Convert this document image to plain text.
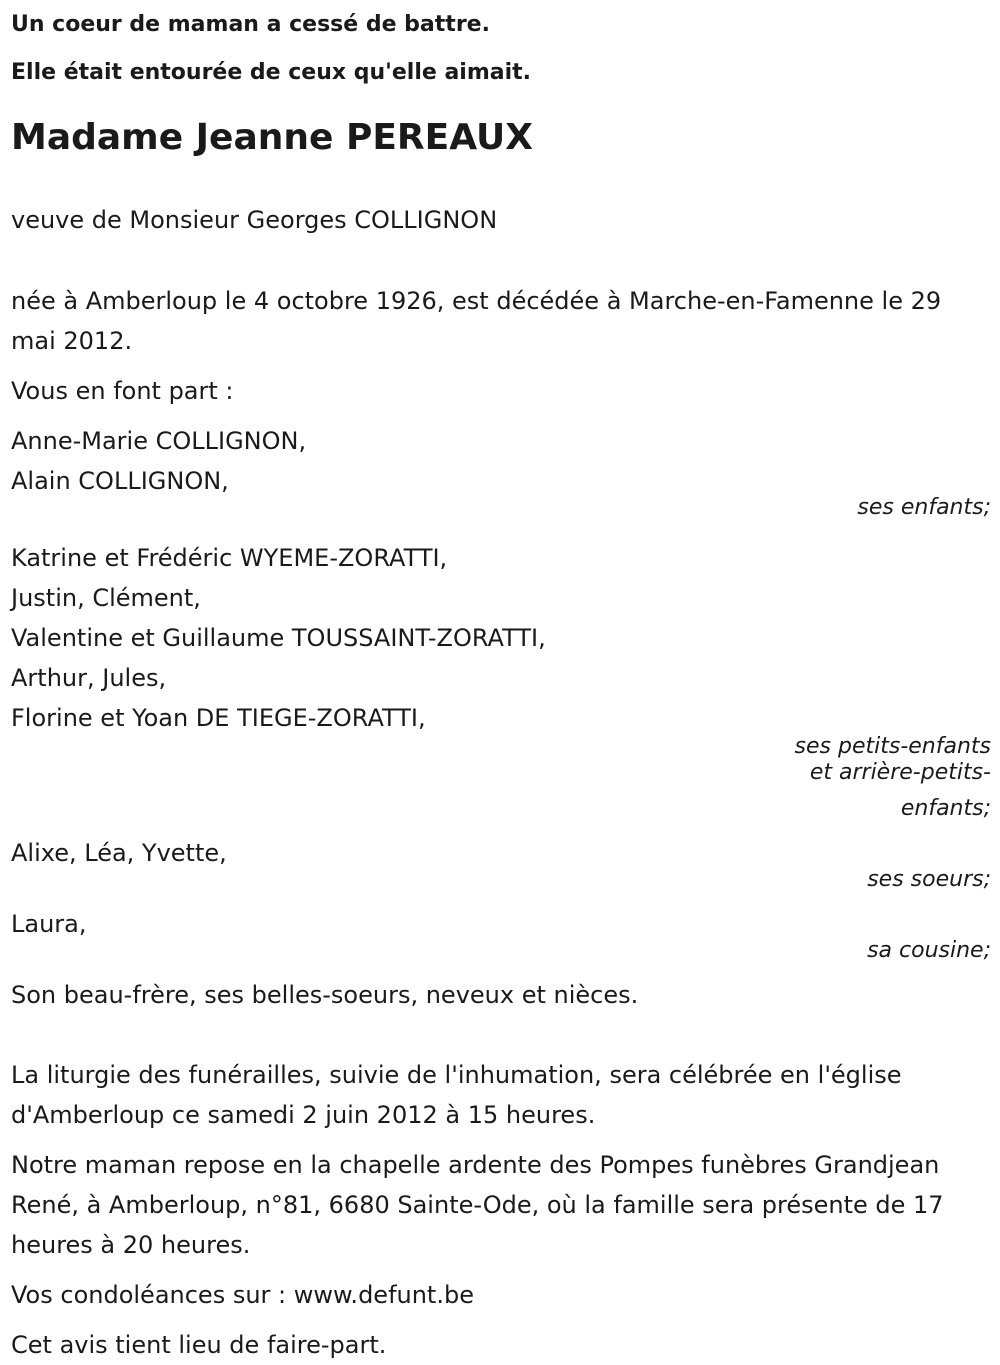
Un coeur de maman a cessé de battre.
Elle était entourée de ceux qu'elle aimait.
Madame Jeanne PEREAUX
veuve de Monsieur Georges COLLIGNON
née à Amberloup le 4 octobre 1926, est décédée à Marche-en-Famenne le 29 mai 2012.
Vous en font part :
Anne-Marie COLLIGNON,
Alain COLLIGNON,
ses enfants;
Katrine et Frédéric WYEME-ZORATTI,
Justin, Clément,
Valentine et Guillaume TOUSSAINT-ZORATTI,
Arthur, Jules,
Florine et Yoan DE TIEGE-ZORATTI,
ses petits-enfants
et arrière-petits-
enfants;
Alixe, Léa, Yvette,
ses soeurs;
Laura,
sa cousine;
Son beau-frère, ses belles-soeurs, neveux et nièces.
La liturgie des funérailles, suivie de l'inhumation, sera célébrée en l'église d'Amberloup ce samedi 2 juin 2012 à 15 heures.
Notre maman repose en la chapelle ardente des Pompes funèbres Grandjean René, à Amberloup, n°81, 6680 Sainte-Ode, où la famille sera présente de 17 heures à 20 heures.
Vos condoléances sur : www.defunt.be
Cet avis tient lieu de faire-part.
